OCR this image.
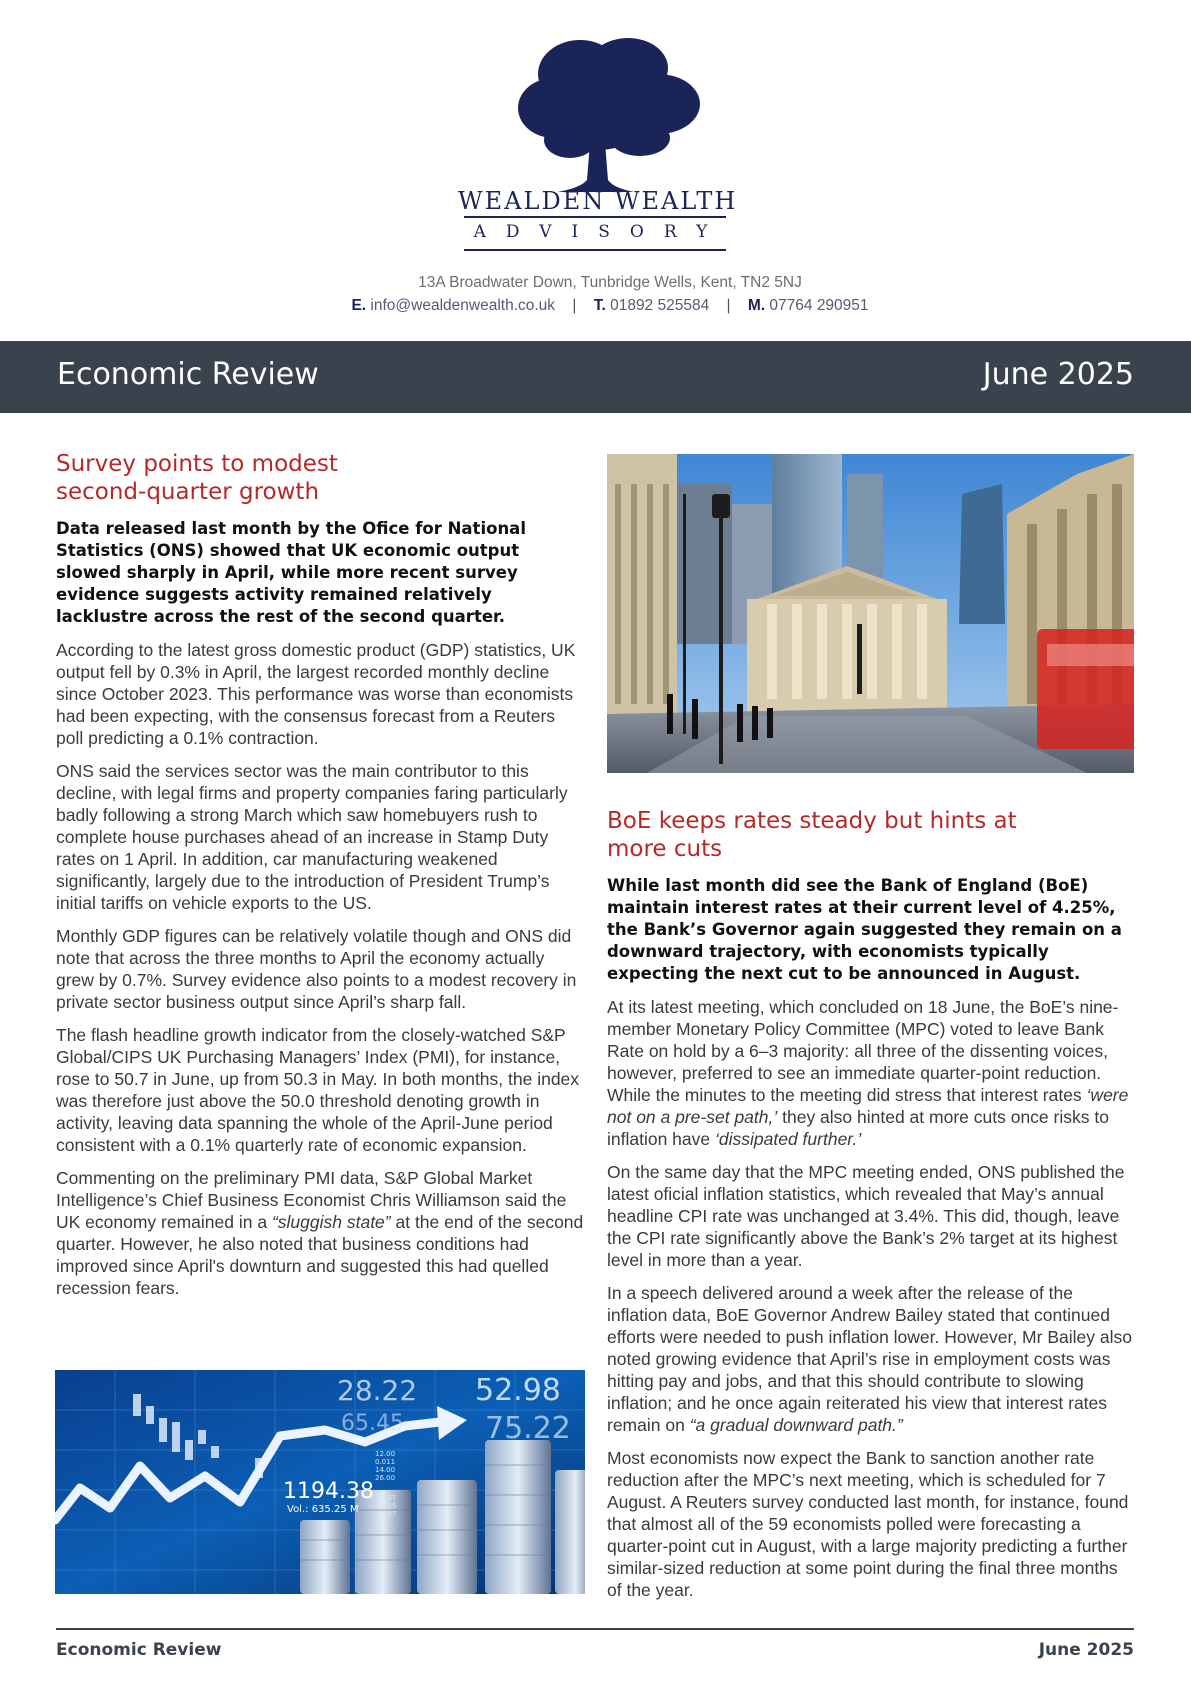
WEALDEN WEALTH
ADVISORY
13A Broadwater Down, Tunbridge Wells, Kent, TN2 5NJ
E. info@wealdenwealth.co.uk | T. 01892 525584 | M. 07764 290951
Economic Review	June 2025
Survey points to modest
second-quarter growth

Data released last month by the Ofice for National Statistics (ONS) showed that UK economic output slowed sharply in April, while more recent survey evidence suggests activity remained relatively lacklustre across the rest of the second quarter.

According to the latest gross domestic product (GDP) statistics, UK output fell by 0.3% in April, the largest recorded monthly decline since October 2023. This performance was worse than economists had been expecting, with the consensus forecast from a Reuters poll predicting a 0.1% contraction.

ONS said the services sector was the main contributor to this decline, with legal firms and property companies faring particularly badly following a strong March which saw homebuyers rush to complete house purchases ahead of an increase in Stamp Duty rates on 1 April. In addition, car manufacturing weakened significantly, largely due to the introduction of President Trump’s initial tariffs on vehicle exports to the US.

Monthly GDP figures can be relatively volatile though and ONS did note that across the three months to April the economy actually grew by 0.7%. Survey evidence also points to a modest recovery in private sector business output since April’s sharp fall.

The flash headline growth indicator from the closely-watched S&P Global/CIPS UK Purchasing Managers’ Index (PMI), for instance, rose to 50.7 in June, up from 50.3 in May. In both months, the index was therefore just above the 50.0 threshold denoting growth in activity, leaving data spanning the whole of the April-June period consistent with a 0.1% quarterly rate of economic expansion.

Commenting on the preliminary PMI data, S&P Global Market Intelligence’s Chief Business Economist Chris Williamson said the UK economy remained in a “sluggish state” at the end of the second quarter. However, he also noted that business conditions had improved since April's downturn and suggested this had quelled recession fears.

28.22 52.98
65.45	75.22
1194.38
Vol.: 635.25 M
12.00
0.011
14.00
26.00
+1.37
+1.55
+1.57
BoE keeps rates steady but hints at
more cuts

While last month did see the Bank of England (BoE) maintain interest rates at their current level of 4.25%, the Bank’s Governor again suggested they remain on a downward trajectory, with economists typically expecting the next cut to be announced in August.

At its latest meeting, which concluded on 18 June, the BoE’s nine-member Monetary Policy Committee (MPC) voted to leave Bank Rate on hold by a 6–3 majority: all three of the dissenting voices, however, preferred to see an immediate quarter-point reduction. While the minutes to the meeting did stress that interest rates ‘were not on a pre-set path,’ they also hinted at more cuts once risks to inflation have ‘dissipated further.’

On the same day that the MPC meeting ended, ONS published the latest oficial inflation statistics, which revealed that May’s annual headline CPI rate was unchanged at 3.4%. This did, though, leave the CPI rate significantly above the Bank’s 2% target at its highest level in more than a year.

In a speech delivered around a week after the release of the inflation data, BoE Governor Andrew Bailey stated that continued efforts were needed to push inflation lower. However, Mr Bailey also noted growing evidence that April’s rise in employment costs was hitting pay and jobs, and that this should contribute to slowing inflation; and he once again reiterated his view that interest rates remain on “a gradual downward path.”

Most economists now expect the Bank to sanction another rate reduction after the MPC’s next meeting, which is scheduled for 7 August. A Reuters survey conducted last month, for instance, found that almost all of the 59 economists polled were forecasting a quarter-point cut in August, with a large majority predicting a further similar-sized reduction at some point during the final three months of the year.

Economic Review	June 2025
